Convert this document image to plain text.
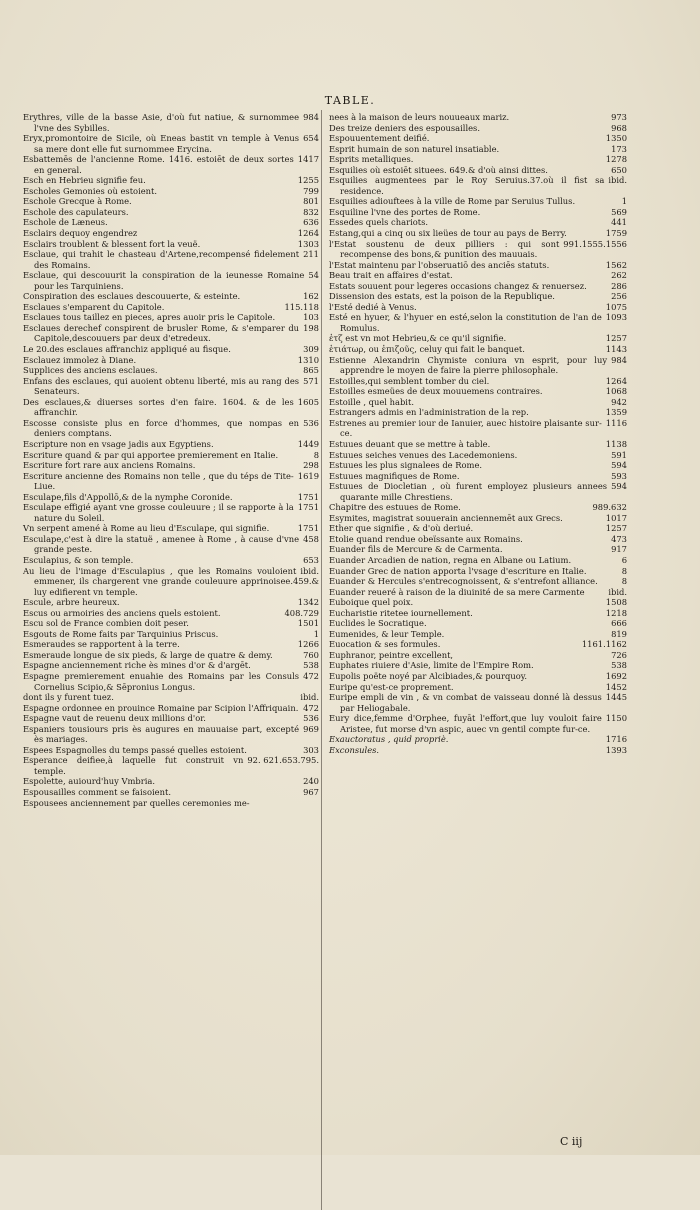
TABLE.

984
Erythres, ville de la basse Asie, d'où fut natiue, & surnommee l'vne des Sybilles.

654
Eryx,promontoire de Sicile, où Eneas bastit vn temple à Venus sa mere dont elle fut surnommee Erycina.

1417
Esbattemēs de l'ancienne Rome. 1416. estoiēt de deux sortes en general.

1255
Esch en Hebrieu signifie feu.

799
Escholes Gemonies où estoient.

801
Eschole Grecque à Rome.

832
Eschole des capulateurs.

636
Eschole de Læneus.

1264
Esclairs dequoy engendrez

1303
Esclairs troublent & blessent fort la veuë.

211
Esclaue, qui trahit le chasteau d'Artene,recompensé fidelement des Romains.

54
Esclaue, qui descouurit la conspiration de la ieunesse Romaine pour les Tarquiniens.

162
Conspiration des esclaues descouuerte, & esteinte.

115.118
Esclaues s'emparent du Capitole.

103
Esclaues tous taillez en pieces, apres auoir pris le Capitole.

198
Esclaues derechef conspirent de brusler Rome, & s'emparer du Capitole,descouuers par deux d'etredeux.

309
Le 20.des esclaues affranchiz appliqué au fisque.

1310
Esclauez immolez à Diane.

865
Supplices des anciens esclaues.

571
Enfans des esclaues, qui auoient obtenu liberté, mis au rang des Senateurs.

1605
Des esclaues,& diuerses sortes d'en faire. 1604. & de les affranchir.

536
Escosse consiste plus en force d'hommes, que nompas en deniers comptans.

1449
Escripture non en vsage jadis aux Egyptiens.

8
Escriture quand & par qui apportee premierement en Italie.

298
Escriture fort rare aux anciens Romains.

1619
Escriture ancienne des Romains non telle , que du téps de Tite-Liue.

1751
Esculape,fils d'Appollō,& de la nymphe Coronide.

1751
Esculape effigié ayant vne grosse couleuure ; il se rapporte à la nature du Soleil.

1751
Vn serpent amené à Rome au lieu d'Esculape, qui signifie.

458
Esculape,c'est à dire la statuë , amenee à Rome , à cause d'vne grande peste.

653
Esculapius, & son temple.

ibid.
Au lieu de l'image d'Esculapius , que les Romains vouloient emmener, ils chargerent vne grande couleuure apprinoisee.459.& luy edifierent vn temple.

1342
Escule, arbre heureux.

408.729
Escus ou armoiries des anciens quels estoient.

1501
Escu sol de France combien doit peser.

1
Esgouts de Rome faits par Tarquinius Priscus.

1266
Esmeraudes se rapportent à la terre.

760
Esmeraude longue de six pieds, & large de quatre & demy.

538
Espagne anciennement riche ès mines d'or & d'argēt.

472
Espagne premierement enuahie des Romains par les Consuls Cornelius Scipio,& Sēpronius Longus.

ibid.
dont ils y furent tuez.

472
Espagne ordonnee en prouince Romaine par Scipion l'Affriquain.

536
Espagne vaut de reuenu deux millions d'or.

969
Espaniers tousiours pris ès augures en mauuaise part, excepté ès mariages.

303
Espees Espagnolles du temps passé quelles estoient.

92. 621.653.795.
Esperance deifiee,à laquelle fut construit vn temple.

240
Espolette, auiourd'huy Vmbria.

967
Espousailles comment se faisoient.

Espousees anciennement par quelles ceremonies me-

973
nees à la maison de leurs nouueaux mariz.

968
Des treize deniers des espousailles.

1350
Espouuentement deifié.

173
Esprit humain de son naturel insatiable.

1278
Esprits metalliques.

650
Esquilies où estoiēt situees. 649.& d'où ainsi dittes.

ibid.
Esquilies augmentees par le Roy Seruius.37.où il fist sa residence.

1
Esquilies adiouftees à la ville de Rome par Seruius Tullus.

569
Esquiline l'vne des portes de Rome.

441
Essedes quels chariots.

1759
Estang,qui a cinq ou six lieües de tour au pays de Berry.

991.1555.1556
l'Estat soustenu de deux pilliers : qui sont recompense des bons,& punition des mauuais.

1562
l'Estat maintenu par l'obseruatiō des anciēs statuts.

262
Beau trait en affaires d'estat.

286
Estats souuent pour legeres occasions changez & renuersez.

256
Dissension des estats, est la poison de la Republique.

1075
l'Esté dedié à Venus.

1093
Esté en hyuer, & l'hyuer en esté,selon la constitution de l'an de Romulus.

1257
ἐτζ est vn mot Hebrieu,& ce qu'il signifie.

1143
ἑτιάτωρ, ou ἑπιζοῦς, celuy qui fait le banquet.

984
Estienne Alexandrin Chymiste coniura vn esprit, pour luy apprendre le moyen de faire la pierre philosophale.

1264
Estoilles,qui semblent tomber du ciel.

1068
Estoilles esmeües de deux mouuemens contraires.

942
Estoille , quel habit.

1359
Estrangers admis en l'administration de la rep.

1116
Estrenes au premier iour de Ianuier, auec histoire plaisante sur-ce.

1138
Estuues deuant que se mettre à table.

591
Estuues seiches venues des Lacedemoniens.

594
Estuues les plus signalees de Rome.

593
Estuues magnifiques de Rome.

594
Estuues de Diocletian , où furent employez plusieurs annees quarante mille Chrestiens.

989.632
Chapitre des estuues de Rome.

1017
Esymites, magistrat souuerain anciennemēt aux Grecs.

1257
Ether que signifie , & d'où deriué.

473
Etolie quand rendue obeïssante aux Romains.

917
Euander fils de Mercure & de Carmenta.

6
Euander Arcadien de nation, regna en Albane ou Latium.

8
Euander Grec de nation apporta l'vsage d'escriture en Italie.

8
Euander & Hercules s'entrecognoissent, & s'entrefont alliance.

ibid.
Euander reueré à raison de la diuinité de sa mere Carmente

1508
Euboique quel poix.

1218
Eucharistie ritetee iournellement.

666
Euclides le Socratique.

819
Eumenides, & leur Temple.

1161.1162
Euocation & ses formules.

726
Euphranor, peintre excellent,

538
Euphates riuiere d'Asie, limite de l'Empire Rom.

1692
Eupolis poëte noyé par Alcibiades,& pourquoy.

1452
Euripe qu'est-ce proprement.

1445
Euripe empli de vin , & vn combat de vaisseau donné là dessus par Heliogabale.

1150
Eury dice,femme d'Orphee, fuyāt l'effort,que luy vouloit faire Aristee, fut morse d'vn aspic, auec vn gentil compte fur-ce.

1716
Exauctoratus , quid propriè.

1393
Exconsules.

C iij
